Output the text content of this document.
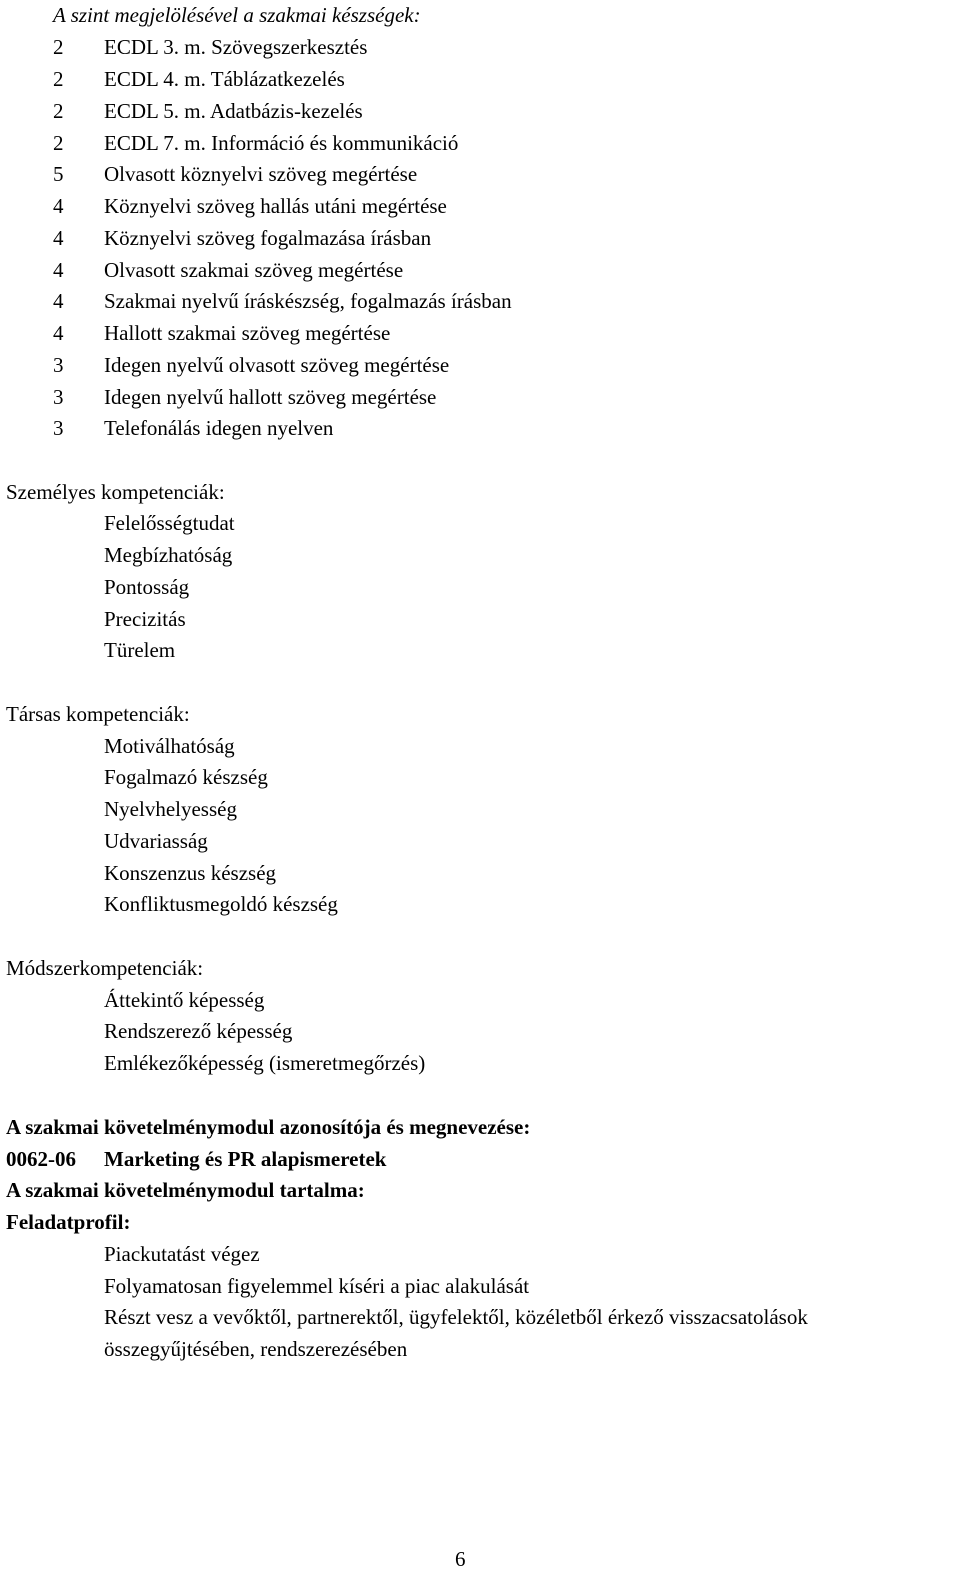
A szint megjelölésével a szakmai készségek:
2 ECDL 3. m. Szövegszerkesztés
2 ECDL 4. m. Táblázatkezelés
2 ECDL 5. m. Adatbázis-kezelés
2 ECDL 7. m. Információ és kommunikáció
5 Olvasott köznyelvi szöveg megértése
4 Köznyelvi szöveg hallás utáni megértése
4 Köznyelvi szöveg fogalmazása írásban
4 Olvasott szakmai szöveg megértése
4 Szakmai nyelvű íráskészség, fogalmazás írásban
4 Hallott szakmai szöveg megértése
3 Idegen nyelvű olvasott szöveg megértése
3 Idegen nyelvű hallott szöveg megértése
3 Telefonálás idegen nyelven
Személyes kompetenciák:
Felelősségtudat
Megbízhatóság
Pontosság
Precizitás
Türelem
Társas kompetenciák:
Motiválhatóság
Fogalmazó készség
Nyelvhelyesség
Udvariasság
Konszenzus készség
Konfliktusmegoldó készség
Módszerkompetenciák:
Áttekintő képesség
Rendszerező képesség
Emlékezőképesség (ismeretmegőrzés)
A szakmai követelménymodul azonosítója és megnevezése:
0062-06 Marketing és PR alapismeretek
A szakmai követelménymodul tartalma:
Feladatprofil:
Piackutatást végez
Folyamatosan figyelemmel kíséri a piac alakulását
Részt vesz a vevőktől, partnerektől, ügyfelektől, közéletből érkező visszacsatolások
összegyűjtésében, rendszerezésében
6
